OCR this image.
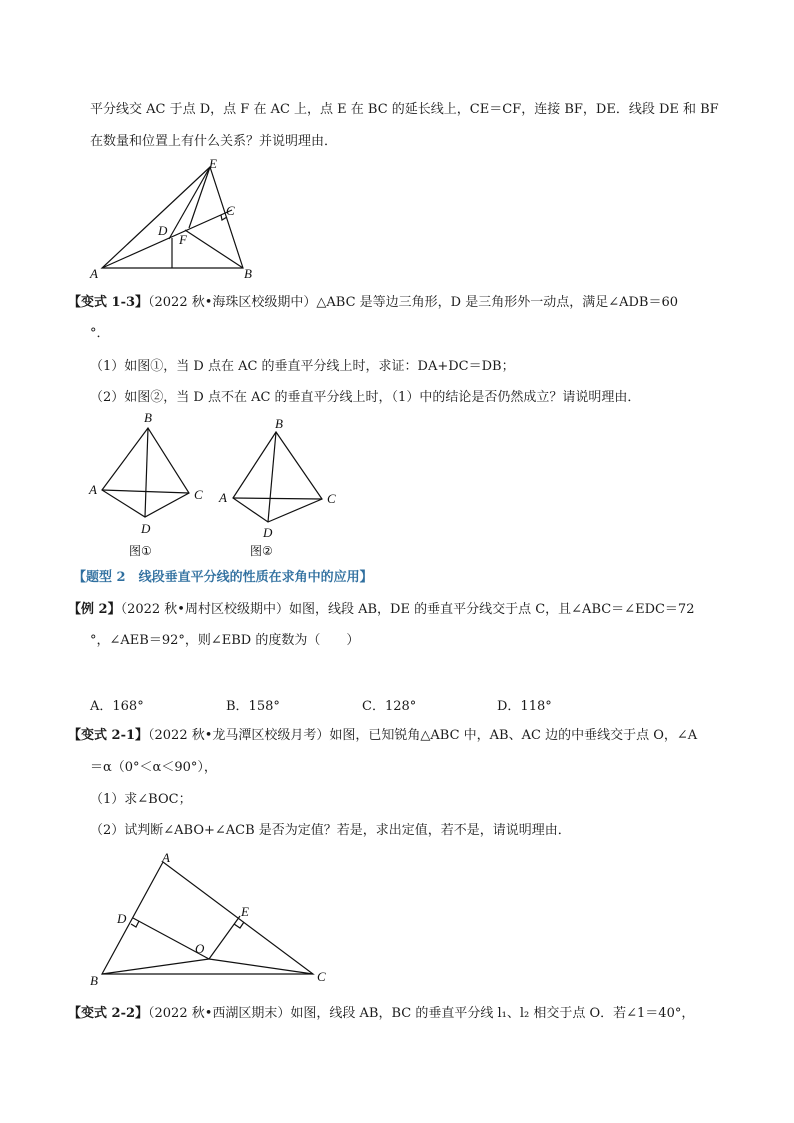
平分线交 AC 于点 D，点 F 在 AC 上，点 E 在 BC 的延长线上，CE＝CF，连接 BF，DE．线段 DE 和 BF
在数量和位置上有什么关系？并说明理由．
E
C
D
F
A	B
【变式 1-3】（2022 秋•海珠区校级期中）△ABC 是等边三角形，D 是三角形外一动点，满足∠ADB＝60
°．
（1）如图①，当 D 点在 AC 的垂直平分线上时，求证：DA+DC＝DB；
（2）如图②，当 D 点不在 AC 的垂直平分线上时，（1）中的结论是否仍然成立？请说明理由．
B
A	C
D
图①
B
A	C
D
图②
【题型 2　线段垂直平分线的性质在求角中的应用】
【例 2】（2022 秋•周村区校级期中）如图，线段 AB，DE 的垂直平分线交于点 C，且∠ABC＝∠EDC＝72
°，∠AEB＝92°，则∠EBD 的度数为（　　）
A．168°	B．158°	C．128°	D．118°
【变式 2-1】（2022 秋•龙马潭区校级月考）如图，已知锐角△ABC 中，AB、AC 边的中垂线交于点 O，∠A
＝α（0°＜α＜90°），
（1）求∠BOC；
（2）试判断∠ABO+∠ACB 是否为定值？若是，求出定值，若不是，请说明理由．
A
D	E
O
B	C
【变式 2-2】（2022 秋•西湖区期末）如图，线段 AB，BC 的垂直平分线 l₁、l₂ 相交于点 O．若∠1＝40°，
